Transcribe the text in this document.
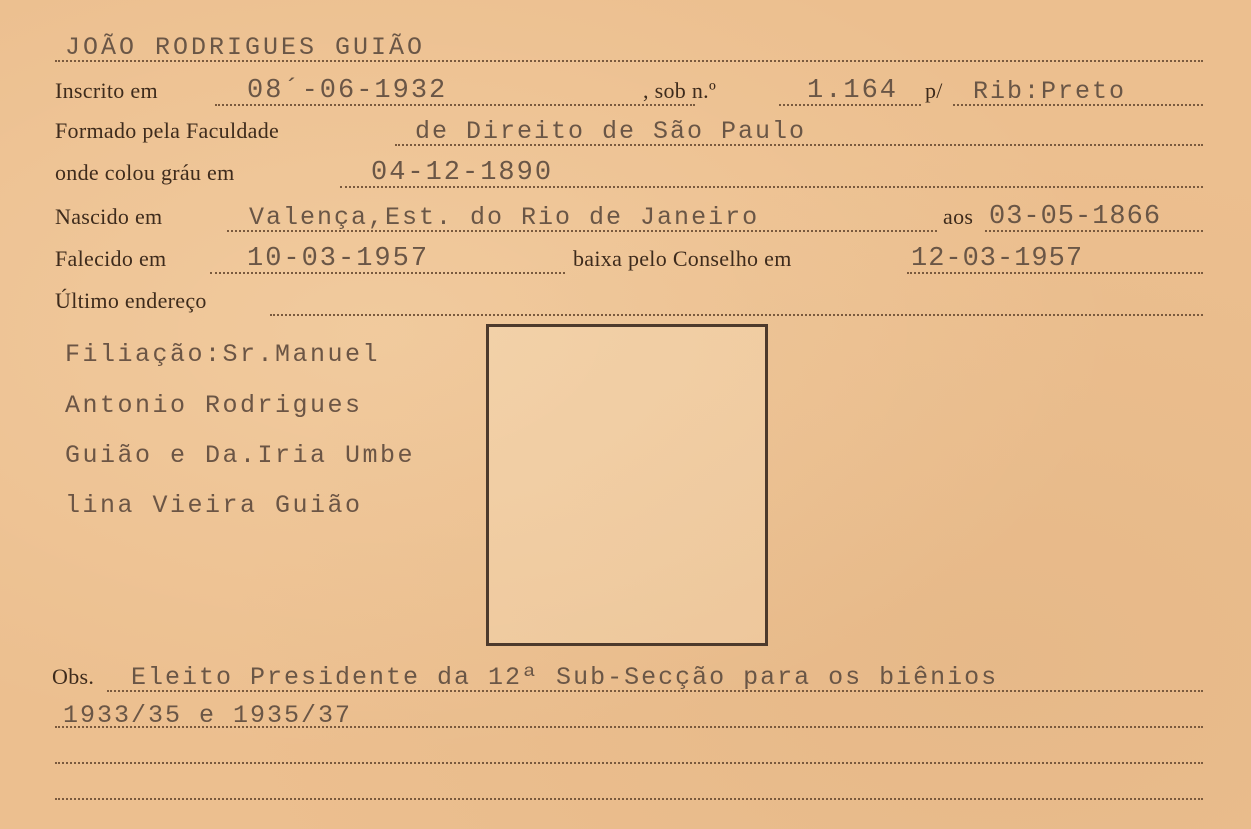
JOÃO RODRIGUES GUIÃO
Inscrito em	08´-06-1932	, sob n.º	1.164 p/ Rib:Preto
Formado pela Faculdade	de Direito de São Paulo
onde colou gráu em	04-12-1890
Nascido em	Valença,Est. do Rio de Janeiro	aos 03-05-1866
Falecido em	10-03-1957	baixa pelo Conselho em	12-03-1957
Último endereço
Filiação:Sr.Manuel
Antonio Rodrigues
Guião e Da.Iria Umbe
lina Vieira Guião
Obs. Eleito Presidente da 12ª Sub-Secção para os biênios
1933/35 e 1935/37
